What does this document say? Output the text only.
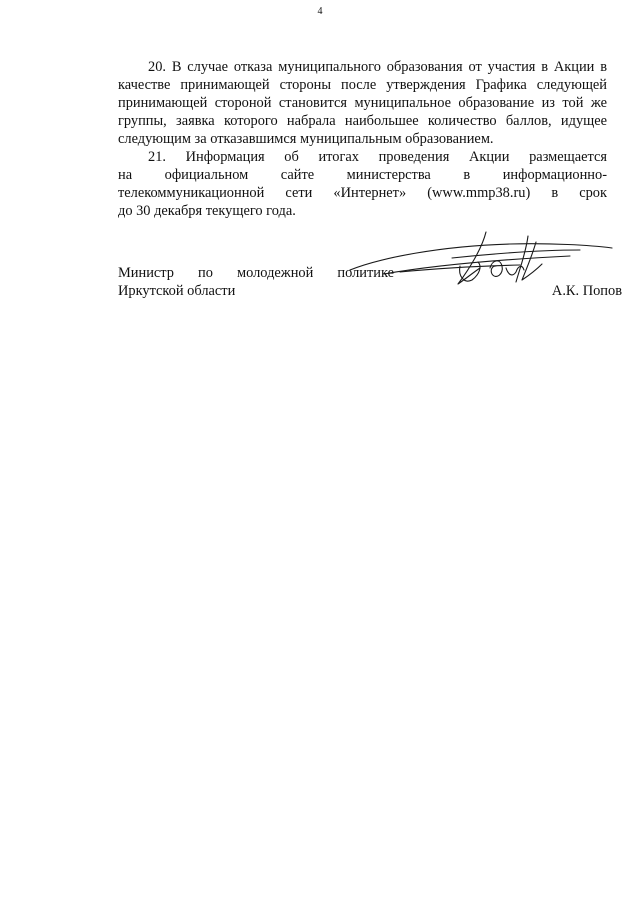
4
20. В случае отказа муниципального образования от участия в Акции в
качестве принимающей стороны после утверждения Графика следующей
принимающей стороной становится муниципальное образование из той же
группы, заявка которого набрала наибольшее количество баллов, идущее
следующим за отказавшимся муниципальным образованием.
21. Информация об итогах проведения Акции размещается
на официальном сайте министерства в информационно-
телекоммуникационной сети «Интернет» (www.mmp38.ru) в срок
до 30 декабря текущего года.
Министр по молодежной политике
Иркутской области	А.К. Попов
